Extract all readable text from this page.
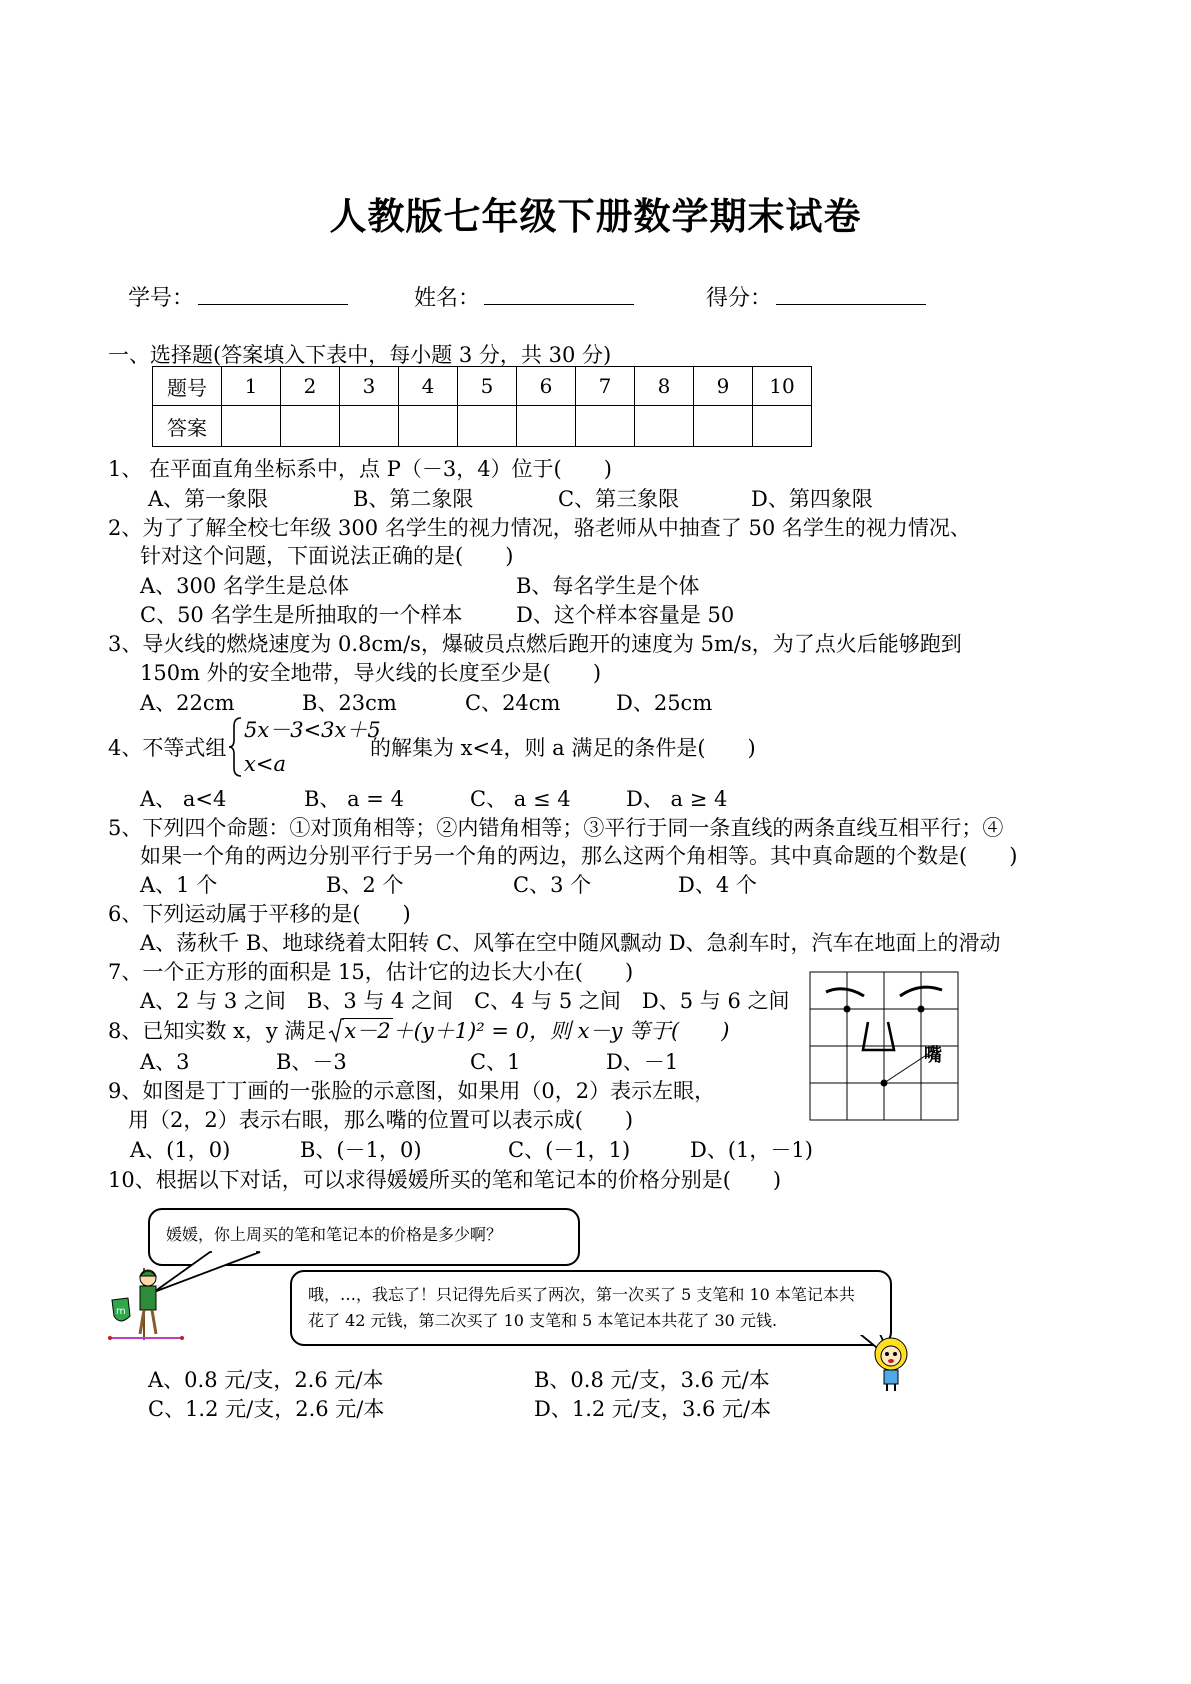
人教版七年级下册数学期末试卷
学号：	姓名：	得分：
一、选择题(答案填入下表中，每小题 3 分，共 30 分)
题号	1	2	3	4	5	6	7	8	9	10
答案										
1、 在平面直角坐标系中，点 P（－3，4）位于(　　)
A、第一象限	B、第二象限	C、第三象限	D、第四象限
2、为了了解全校七年级 300 名学生的视力情况，骆老师从中抽查了 50 名学生的视力情况、
针对这个问题，下面说法正确的是(　　)
A、300 名学生是总体	B、每名学生是个体
C、50 名学生是所抽取的一个样本	D、这个样本容量是 50
3、导火线的燃烧速度为 0.8cm/s，爆破员点燃后跑开的速度为 5m/s，为了点火后能够跑到
150m 外的安全地带，导火线的长度至少是(　　)
A、22cm	B、23cm	C、24cm	D、25cm
4、不等式组
5x－3<3x＋5
x<a
的解集为 x<4，则 a 满足的条件是(　　)
A、 a<4	B、 a = 4	C、 a ≤ 4	D、 a ≥ 4
5、下列四个命题：①对顶角相等；②内错角相等；③平行于同一条直线的两条直线互相平行；④
如果一个角的两边分别平行于另一个角的两边，那么这两个角相等。其中真命题的个数是(　　)
A、1 个	B、2 个	C、3 个	D、4 个
6、下列运动属于平移的是(　　)
A、荡秋千 B、地球绕着太阳转 C、风筝在空中随风飘动 D、急刹车时，汽车在地面上的滑动
7、一个正方形的面积是 15，估计它的边长大小在(　　)
A、2 与 3 之间　B、3 与 4 之间　C、4 与 5 之间　D、5 与 6 之间
8、已知实数 x，y 满足 x－2＋(y＋1)² = 0，则 x－y 等于(　　)
A、3	B、－3	C、1	D、－1
9、如图是丁丁画的一张脸的示意图，如果用（0，2）表示左眼，
用（2，2）表示右眼，那么嘴的位置可以表示成(　　)
A、(1，0)	B、(－1，0)	C、(－1，1)	D、(1，－1)
嘴
10、根据以下对话，可以求得媛媛所买的笔和笔记本的价格分别是(　　)
媛媛，你上周买的笔和笔记本的价格是多少啊？
哦，…，我忘了！只记得先后买了两次，第一次买了 5 支笔和 10 本笔记本共
花了 42 元钱，第二次买了 10 支笔和 5 本笔记本共花了 30 元钱.
m
A、0.8 元/支，2.6 元/本	B、0.8 元/支，3.6 元/本
C、1.2 元/支，2.6 元/本	D、1.2 元/支，3.6 元/本
